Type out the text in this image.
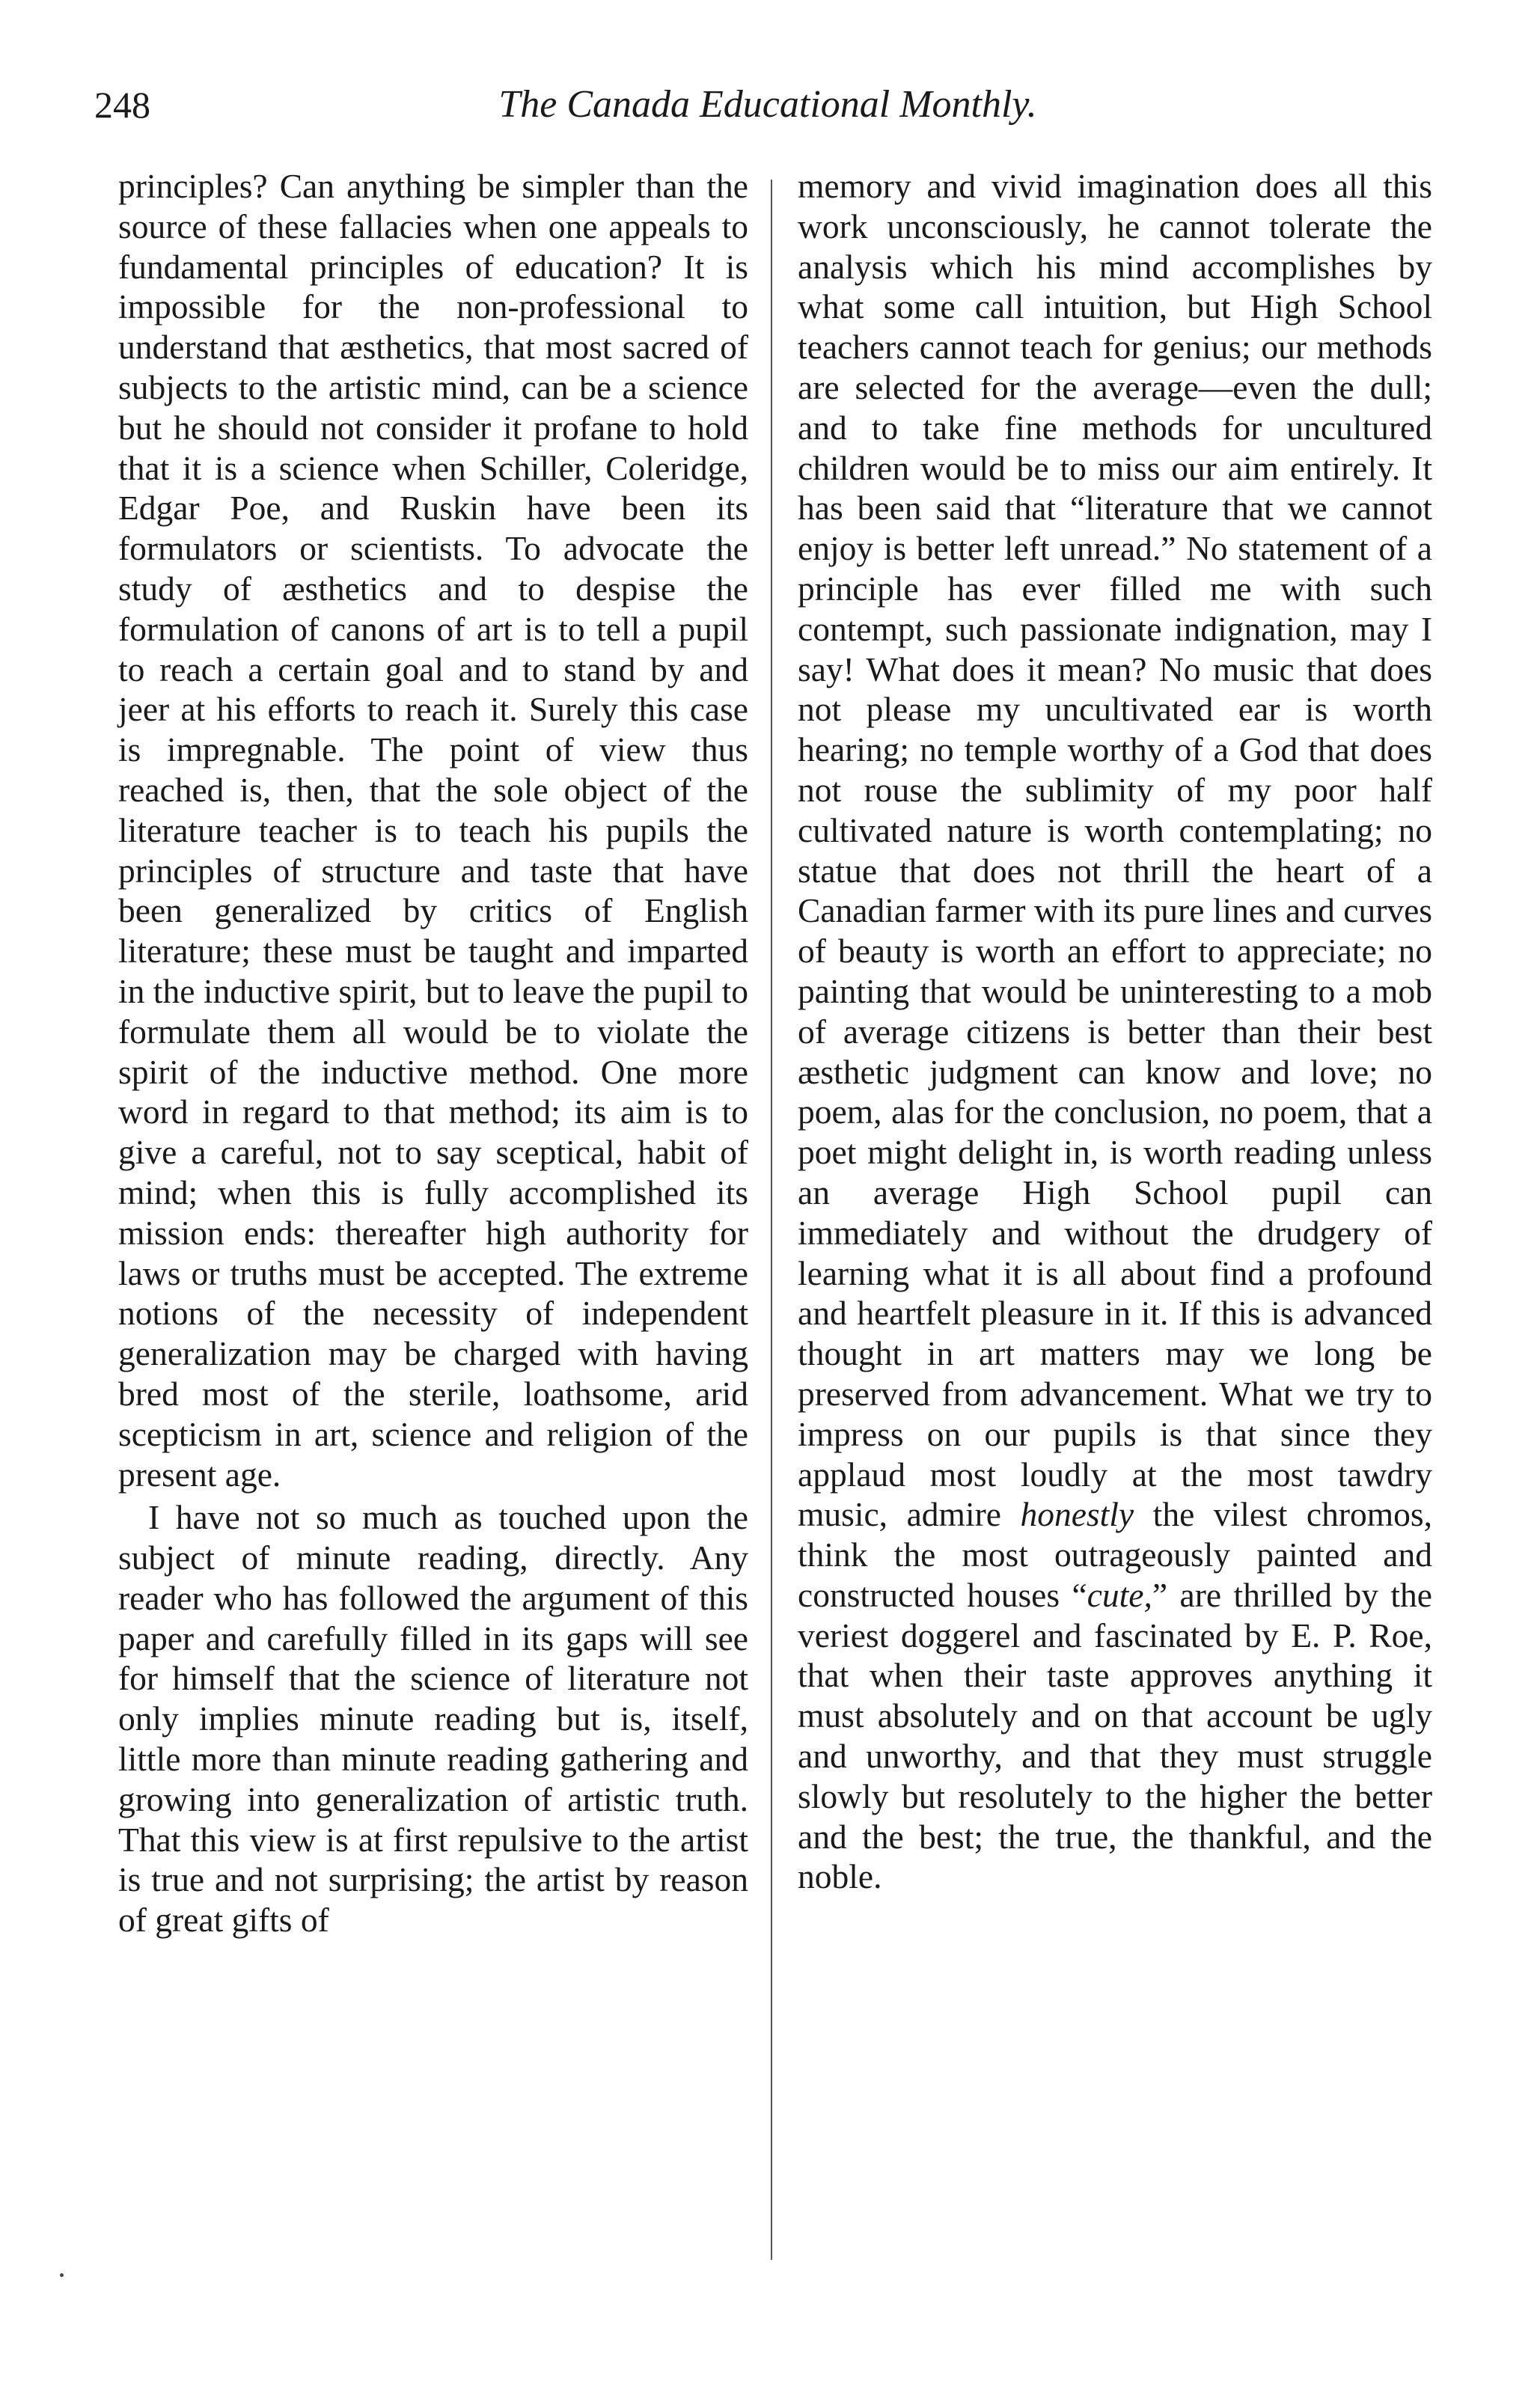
248	The Canada Educational Monthly.

principles? Can anything be simpler than the source of these fallacies when one appeals to fundamental principles of education? It is impossible for the non-professional to understand that æsthetics, that most sacred of subjects to the artistic mind, can be a science but he should not consider it profane to hold that it is a science when Schiller, Coleridge, Edgar Poe, and Ruskin have been its formulators or scientists. To advocate the study of æsthetics and to despise the formulation of canons of art is to tell a pupil to reach a certain goal and to stand by and jeer at his efforts to reach it. Surely this case is impregnable. The point of view thus reached is, then, that the sole object of the literature teacher is to teach his pupils the principles of structure and taste that have been generalized by critics of English literature; these must be taught and imparted in the inductive spirit, but to leave the pupil to formulate them all would be to violate the spirit of the inductive method. One more word in regard to that method; its aim is to give a careful, not to say sceptical, habit of mind; when this is fully accomplished its mission ends: thereafter high authority for laws or truths must be accepted. The extreme notions of the necessity of independent generalization may be charged with having bred most of the sterile, loathsome, arid scepticism in art, science and religion of the present age.

I have not so much as touched upon the subject of minute reading, directly. Any reader who has followed the argument of this paper and carefully filled in its gaps will see for himself that the science of literature not only implies minute reading but is, itself, little more than minute reading gathering and growing into generalization of artistic truth. That this view is at first repulsive to the artist is true and not surprising; the artist by reason of great gifts of

memory and vivid imagination does all this work unconsciously, he cannot tolerate the analysis which his mind accomplishes by what some call intuition, but High School teachers cannot teach for genius; our methods are selected for the average—even the dull; and to take fine methods for uncultured children would be to miss our aim entirely. It has been said that “literature that we cannot enjoy is better left unread.” No statement of a principle has ever filled me with such contempt, such passionate indignation, may I say! What does it mean? No music that does not please my uncultivated ear is worth hearing; no temple worthy of a God that does not rouse the sublimity of my poor half cultivated nature is worth contemplating; no statue that does not thrill the heart of a Canadian farmer with its pure lines and curves of beauty is worth an effort to appreciate; no painting that would be uninteresting to a mob of average citizens is better than their best æsthetic judgment can know and love; no poem, alas for the conclusion, no poem, that a poet might delight in, is worth reading unless an average High School pupil can immediately and without the drudgery of learning what it is all about find a profound and heartfelt pleasure in it. If this is advanced thought in art matters may we long be preserved from advancement. What we try to impress on our pupils is that since they applaud most loudly at the most tawdry music, admire honestly the vilest chromos, think the most outrageously painted and constructed houses “cute,” are thrilled by the veriest doggerel and fascinated by E. P. Roe, that when their taste approves anything it must absolutely and on that account be ugly and unworthy, and that they must struggle slowly but resolutely to the higher the better and the best; the true, the thankful, and the noble.
